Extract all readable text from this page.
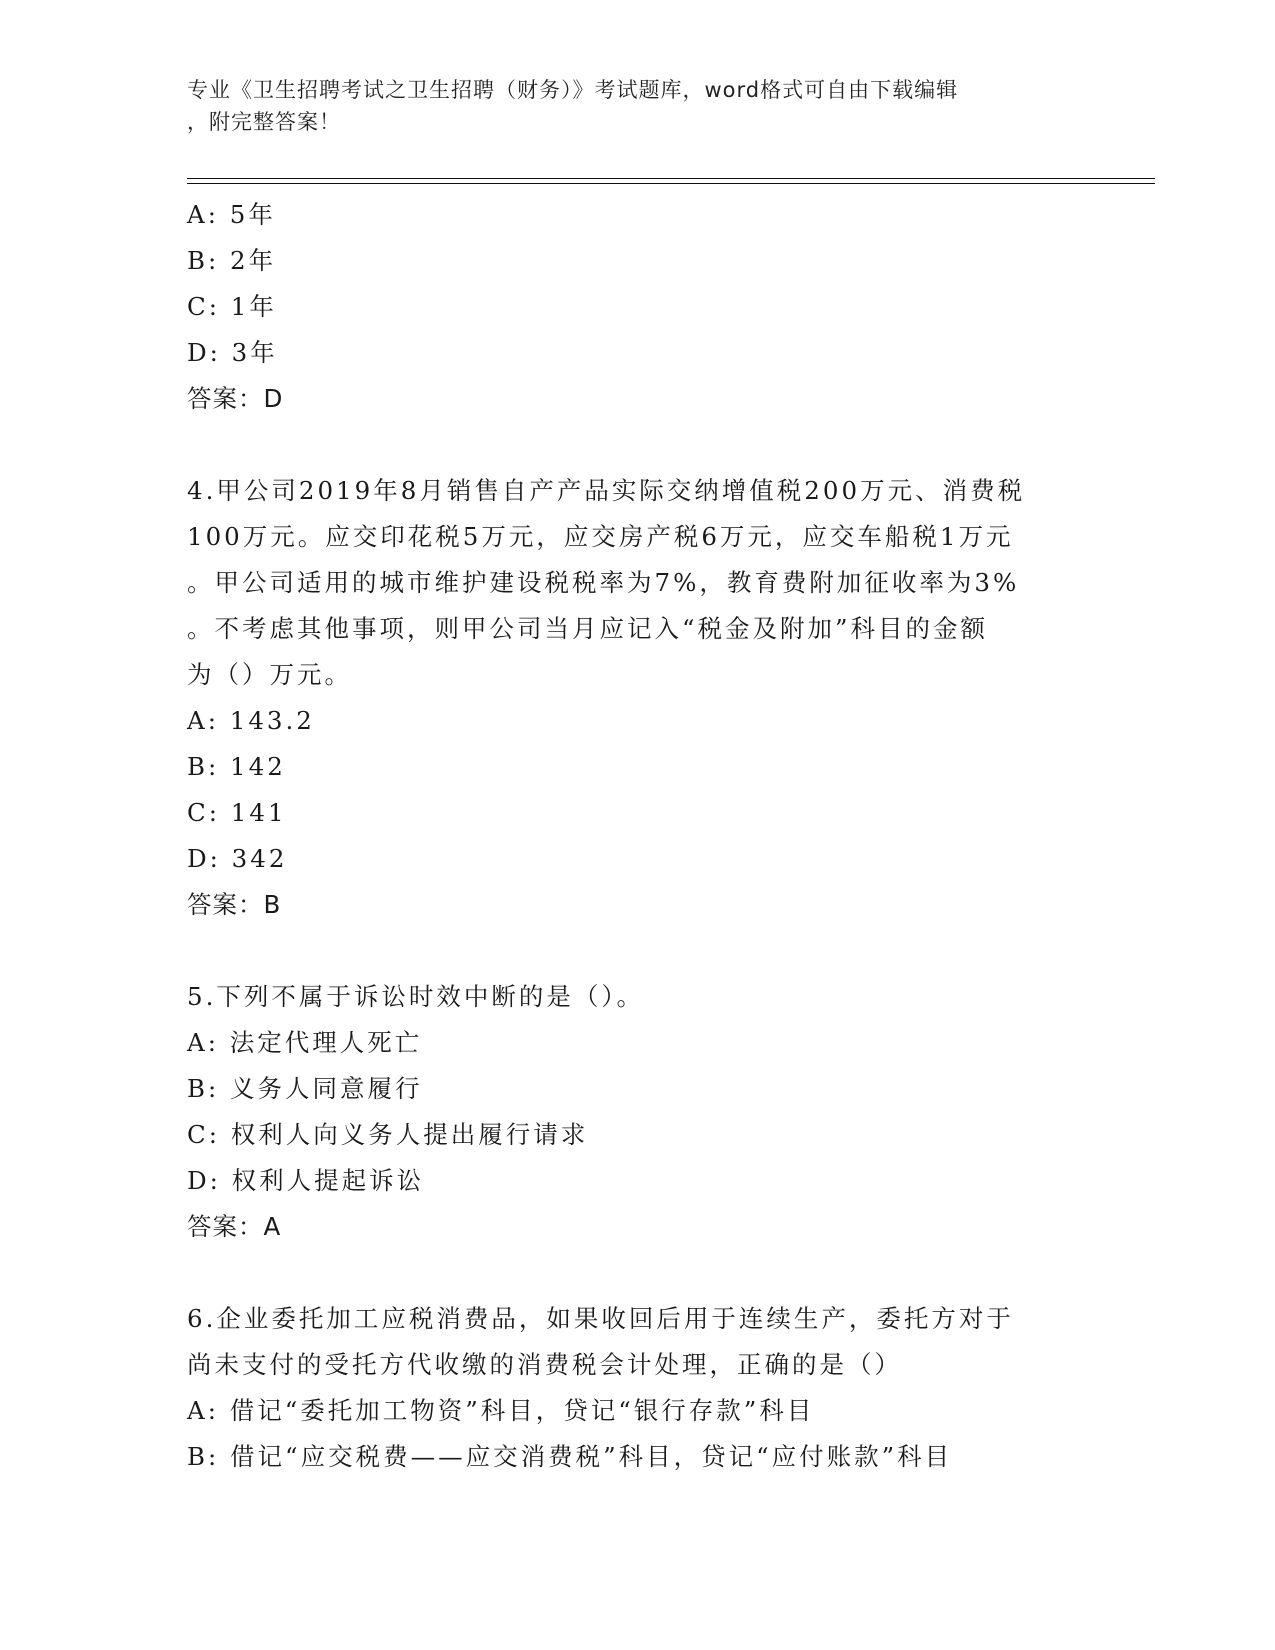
专业《卫生招聘考试之卫生招聘（财务）》考试题库，word格式可自由下载编辑
，附完整答案！
A: 5年
B: 2年
C: 1年
D: 3年
答案：D
4.甲公司2019年8月销售自产产品实际交纳增值税200万元、消费税
100万元。应交印花税5万元，应交房产税6万元，应交车船税1万元
。甲公司适用的城市维护建设税税率为7%，教育费附加征收率为3%
。不考虑其他事项，则甲公司当月应记入“税金及附加”科目的金额
为（）万元。
A: 143.2
B: 142
C: 141
D: 342
答案：B
5.下列不属于诉讼时效中断的是（）。
A: 法定代理人死亡
B: 义务人同意履行
C: 权利人向义务人提出履行请求
D: 权利人提起诉讼
答案：A
6.企业委托加工应税消费品，如果收回后用于连续生产，委托方对于
尚未支付的受托方代收缴的消费税会计处理，正确的是（）
A: 借记“委托加工物资”科目，贷记“银行存款”科目
B: 借记“应交税费——应交消费税”科目，贷记“应付账款”科目
